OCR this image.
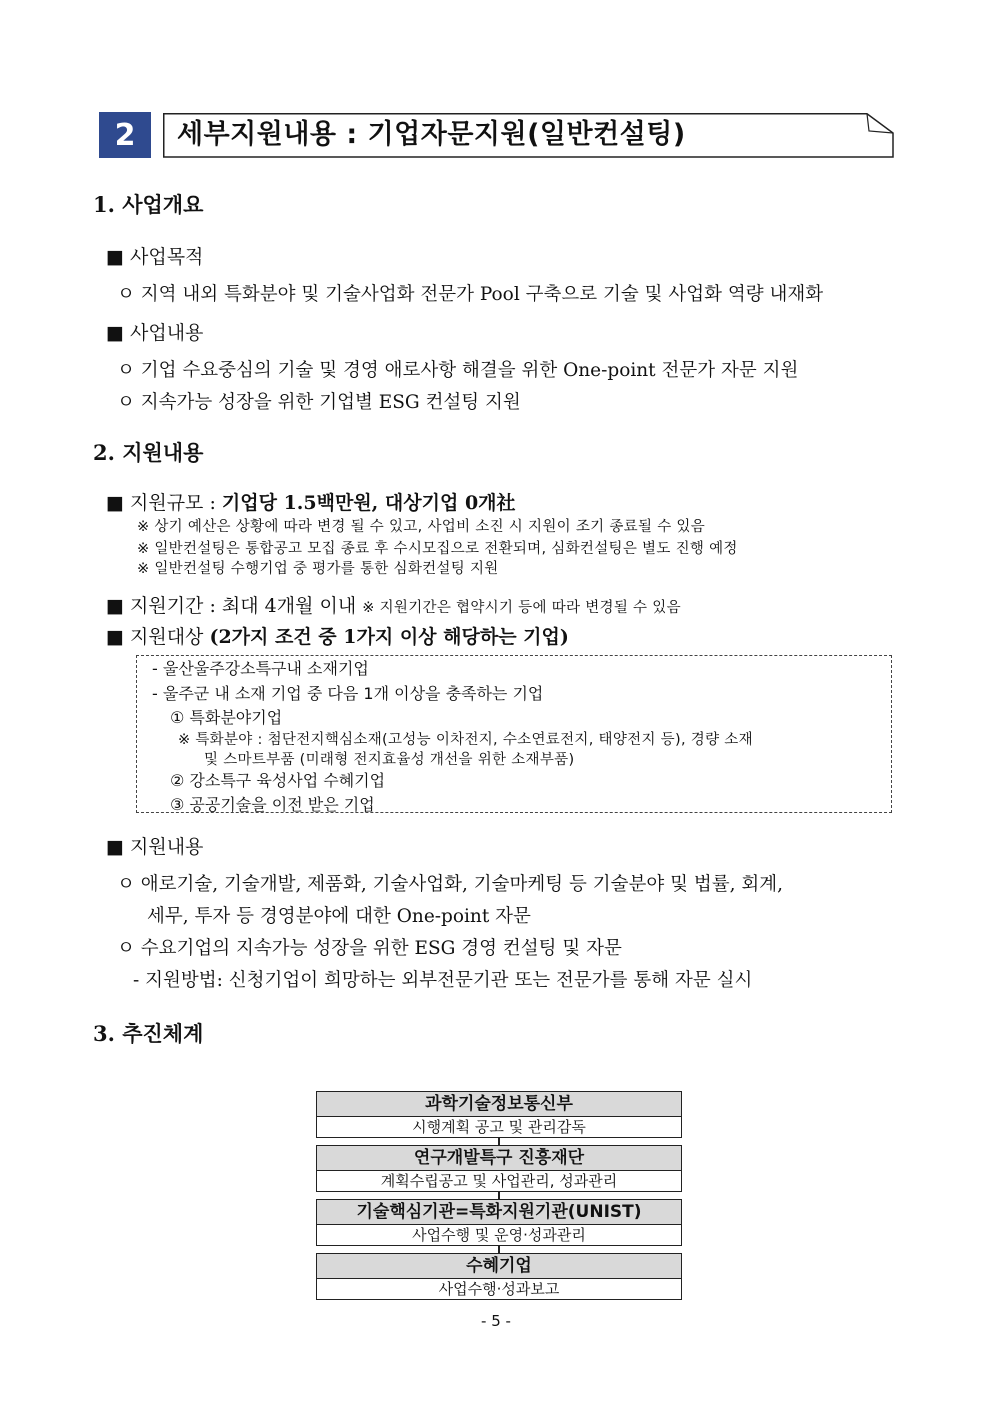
2	세부지원내용 : 기업자문지원(일반컨설팅)
1. 사업개요
■ 사업목적
ㅇ 지역 내외 특화분야 및 기술사업화 전문가 Pool 구축으로 기술 및 사업화 역량 내재화
■ 사업내용
ㅇ 기업 수요중심의 기술 및 경영 애로사항 해결을 위한 One-point 전문가 자문 지원
ㅇ 지속가능 성장을 위한 기업별 ESG 컨설팅 지원
2. 지원내용
■ 지원규모 : 기업당 1.5백만원, 대상기업 0개社
※ 상기 예산은 상황에 따라 변경 될 수 있고, 사업비 소진 시 지원이 조기 종료될 수 있음
※ 일반컨설팅은 통합공고 모집 종료 후 수시모집으로 전환되며, 심화컨설팅은 별도 진행 예정
※ 일반컨설팅 수행기업 중 평가를 통한 심화컨설팅 지원
■ 지원기간 : 최대 4개월 이내 ※ 지원기간은 협약시기 등에 따라 변경될 수 있음
■ 지원대상 (2가지 조건 중 1가지 이상 해당하는 기업)
- 울산울주강소특구내 소재기업
- 울주군 내 소재 기업 중 다음 1개 이상을 충족하는 기업
① 특화분야기업
※ 특화분야 : 첨단전지핵심소재(고성능 이차전지, 수소연료전지, 태양전지 등), 경량 소재
및 스마트부품 (미래형 전지효율성 개선을 위한 소재부품)
② 강소특구 육성사업 수혜기업
③ 공공기술을 이전 받은 기업
■ 지원내용
ㅇ 애로기술, 기술개발, 제품화, 기술사업화, 기술마케팅 등 기술분야 및 법률, 회계,
세무, 투자 등 경영분야에 대한 One-point 자문
ㅇ 수요기업의 지속가능 성장을 위한 ESG 경영 컨설팅 및 자문
- 지원방법: 신청기업이 희망하는 외부전문기관 또는 전문가를 통해 자문 실시
3. 추진체계
과학기술정보통신부
시행계획 공고 및 관리감독
연구개발특구 진흥재단
계획수립공고 및 사업관리, 성과관리
기술핵심기관=특화지원기관(UNIST)
사업수행 및 운영·성과관리
수혜기업
사업수행·성과보고
- 5 -
